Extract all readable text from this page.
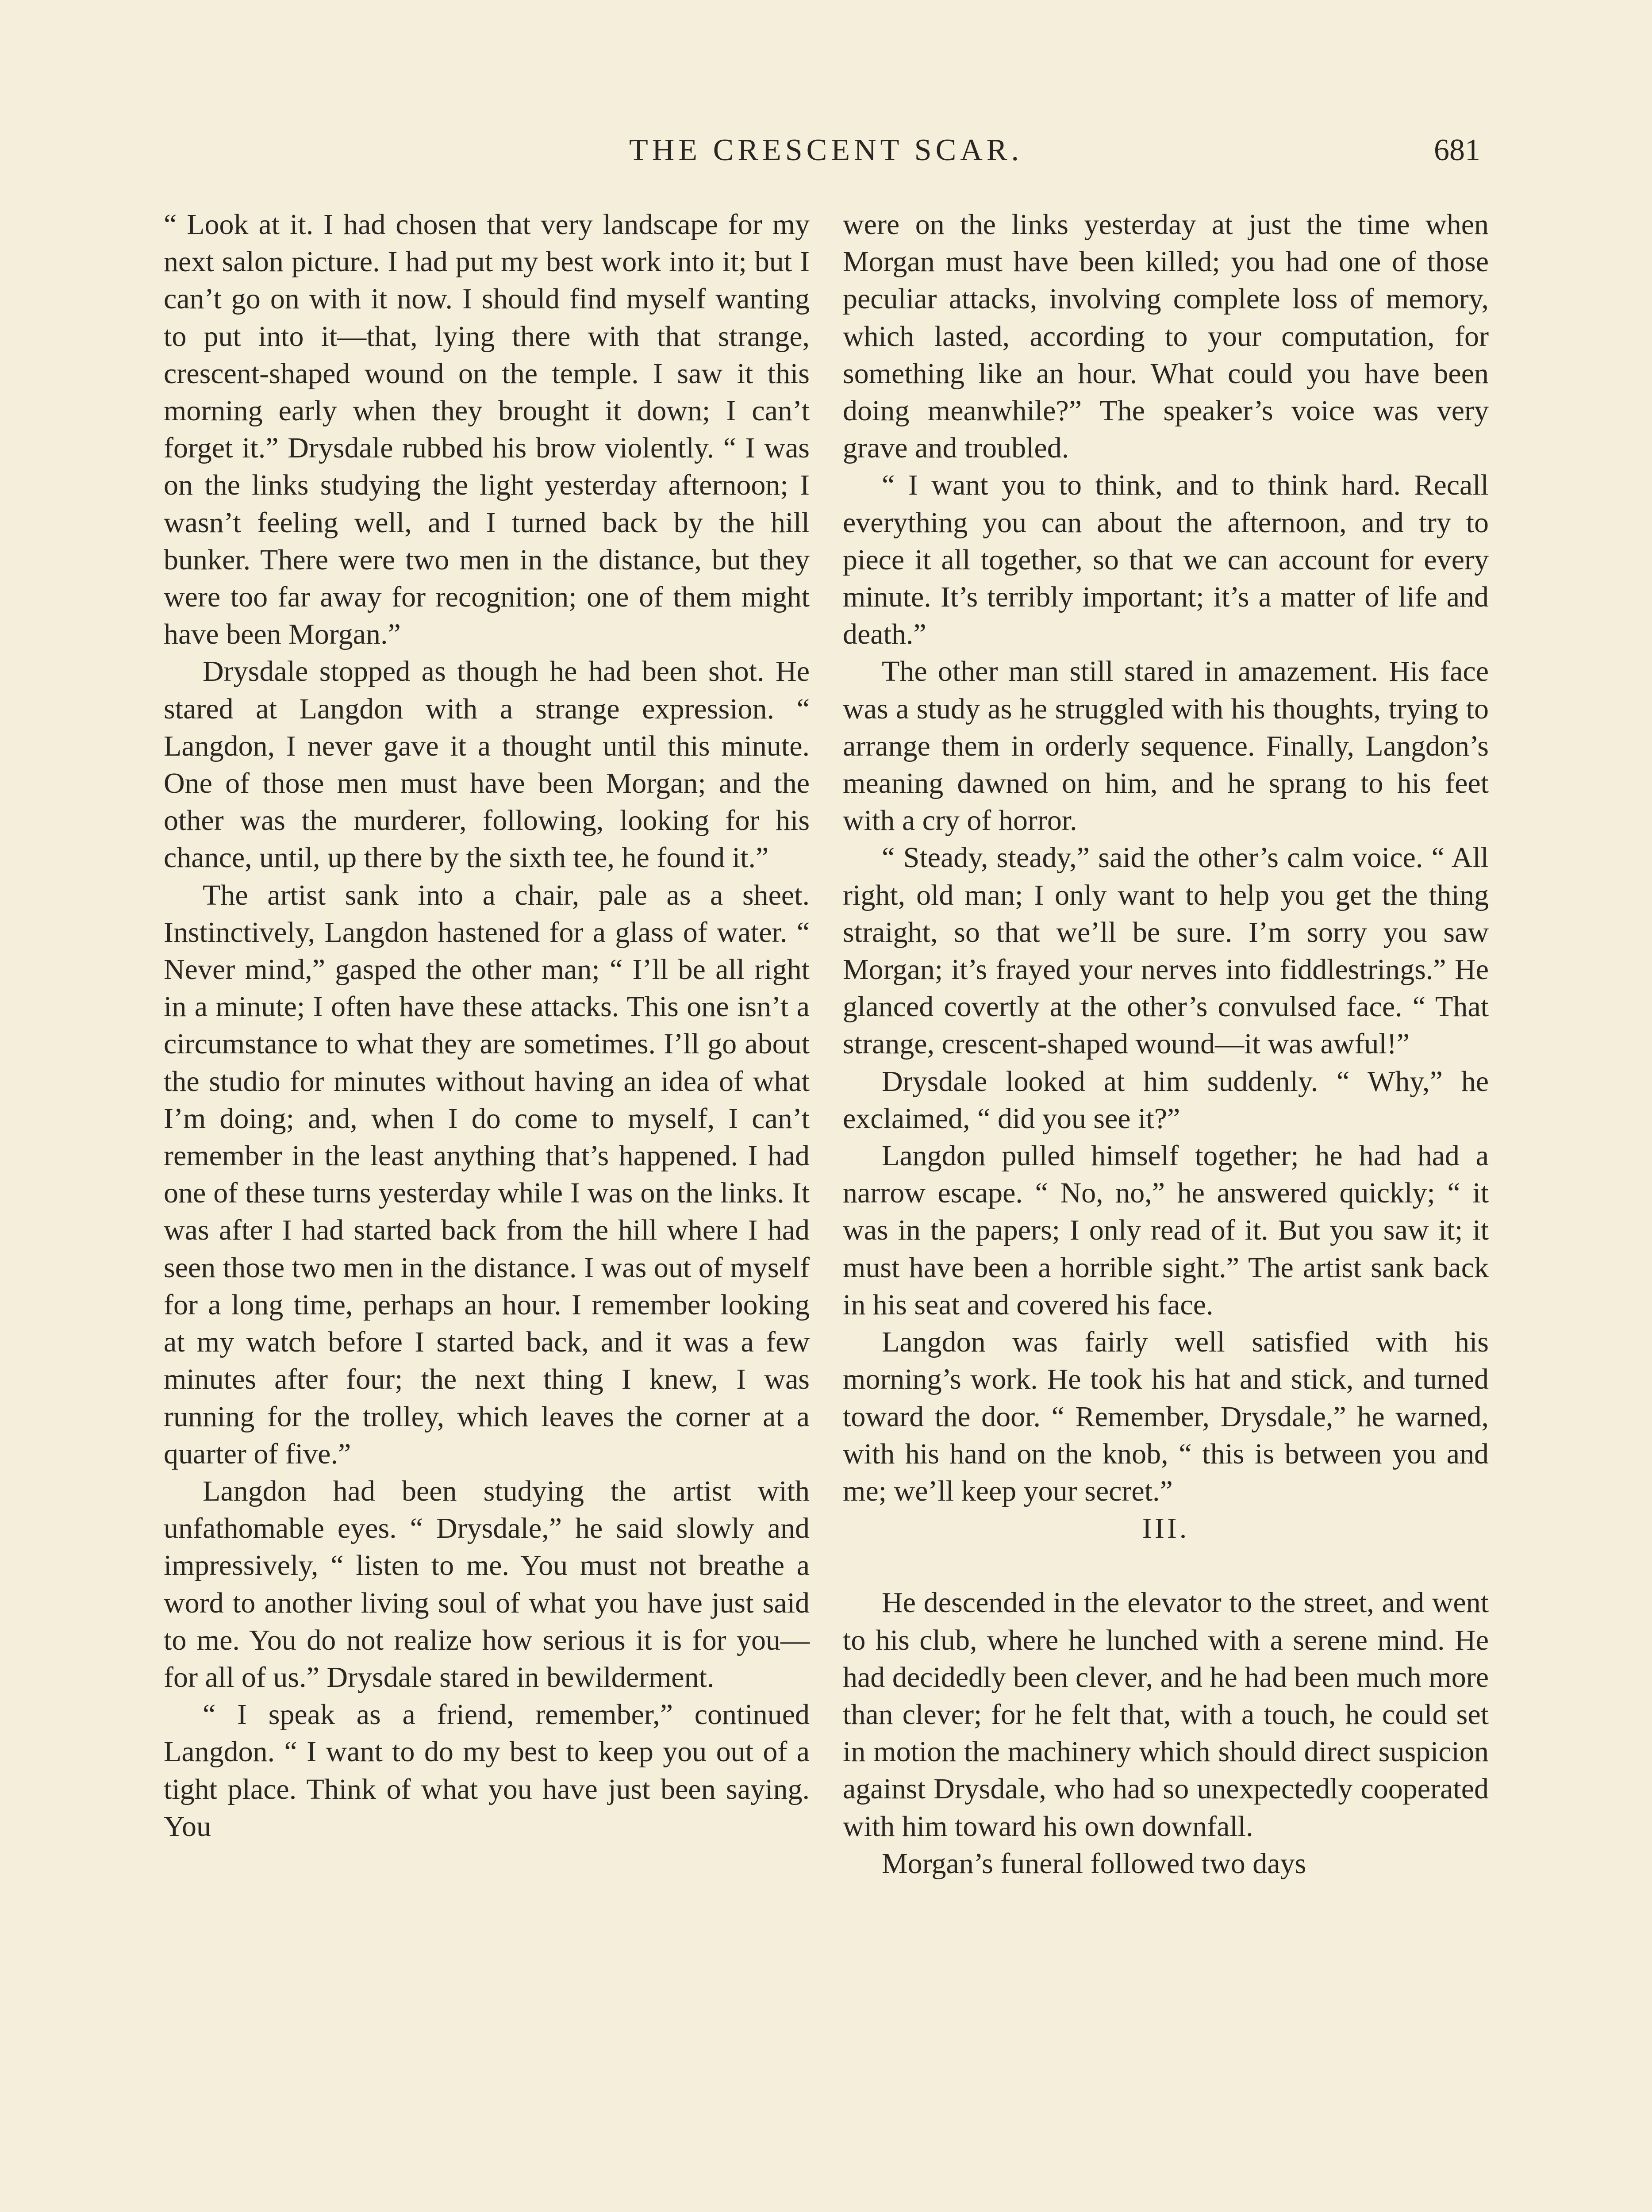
THE CRESCENT SCAR.	681

“ Look at it. I had chosen that very landscape for my next salon picture. I had put my best work into it; but I can’t go on with it now. I should find myself wanting to put into it—that, lying there with that strange, crescent-shaped wound on the temple. I saw it this morning early when they brought it down; I can’t forget it.” Drysdale rubbed his brow violently. “ I was on the links studying the light yesterday afternoon; I wasn’t feeling well, and I turned back by the hill bunker. There were two men in the distance, but they were too far away for recognition; one of them might have been Morgan.”

Drysdale stopped as though he had been shot. He stared at Langdon with a strange expression. “ Langdon, I never gave it a thought until this minute. One of those men must have been Morgan; and the other was the murderer, following, looking for his chance, until, up there by the sixth tee, he found it.”

The artist sank into a chair, pale as a sheet. Instinctively, Langdon hastened for a glass of water. “ Never mind,” gasped the other man; “ I’ll be all right in a minute; I often have these attacks. This one isn’t a circumstance to what they are sometimes. I’ll go about the studio for minutes without having an idea of what I’m doing; and, when I do come to myself, I can’t remember in the least anything that’s happened. I had one of these turns yesterday while I was on the links. It was after I had started back from the hill where I had seen those two men in the distance. I was out of myself for a long time, perhaps an hour. I remember looking at my watch before I started back, and it was a few minutes after four; the next thing I knew, I was running for the trolley, which leaves the corner at a quarter of five.”

Langdon had been studying the artist with unfathomable eyes. “ Drysdale,” he said slowly and impressively, “ listen to me. You must not breathe a word to another living soul of what you have just said to me. You do not realize how serious it is for you—for all of us.” Drysdale stared in bewilderment.

“ I speak as a friend, remember,” continued Langdon. “ I want to do my best to keep you out of a tight place. Think of what you have just been saying. You

were on the links yesterday at just the time when Morgan must have been killed; you had one of those peculiar attacks, involving complete loss of memory, which lasted, according to your computation, for something like an hour. What could you have been doing meanwhile?” The speaker’s voice was very grave and troubled.

“ I want you to think, and to think hard. Recall everything you can about the afternoon, and try to piece it all together, so that we can account for every minute. It’s terribly important; it’s a matter of life and death.”

The other man still stared in amazement. His face was a study as he struggled with his thoughts, trying to arrange them in orderly sequence. Finally, Langdon’s meaning dawned on him, and he sprang to his feet with a cry of horror.

“ Steady, steady,” said the other’s calm voice. “ All right, old man; I only want to help you get the thing straight, so that we’ll be sure. I’m sorry you saw Morgan; it’s frayed your nerves into fiddlestrings.” He glanced covertly at the other’s convulsed face. “ That strange, crescent-shaped wound—it was awful!”

Drysdale looked at him suddenly. “ Why,” he exclaimed, “ did you see it?”

Langdon pulled himself together; he had had a narrow escape. “ No, no,” he answered quickly; “ it was in the papers; I only read of it. But you saw it; it must have been a horrible sight.” The artist sank back in his seat and covered his face.

Langdon was fairly well satisfied with his morning’s work. He took his hat and stick, and turned toward the door. “ Remember, Drysdale,” he warned, with his hand on the knob, “ this is between you and me; we’ll keep your secret.”

III.

He descended in the elevator to the street, and went to his club, where he lunched with a serene mind. He had decidedly been clever, and he had been much more than clever; for he felt that, with a touch, he could set in motion the machinery which should direct suspicion against Drysdale, who had so unexpectedly cooperated with him toward his own downfall.

Morgan’s funeral followed two days
